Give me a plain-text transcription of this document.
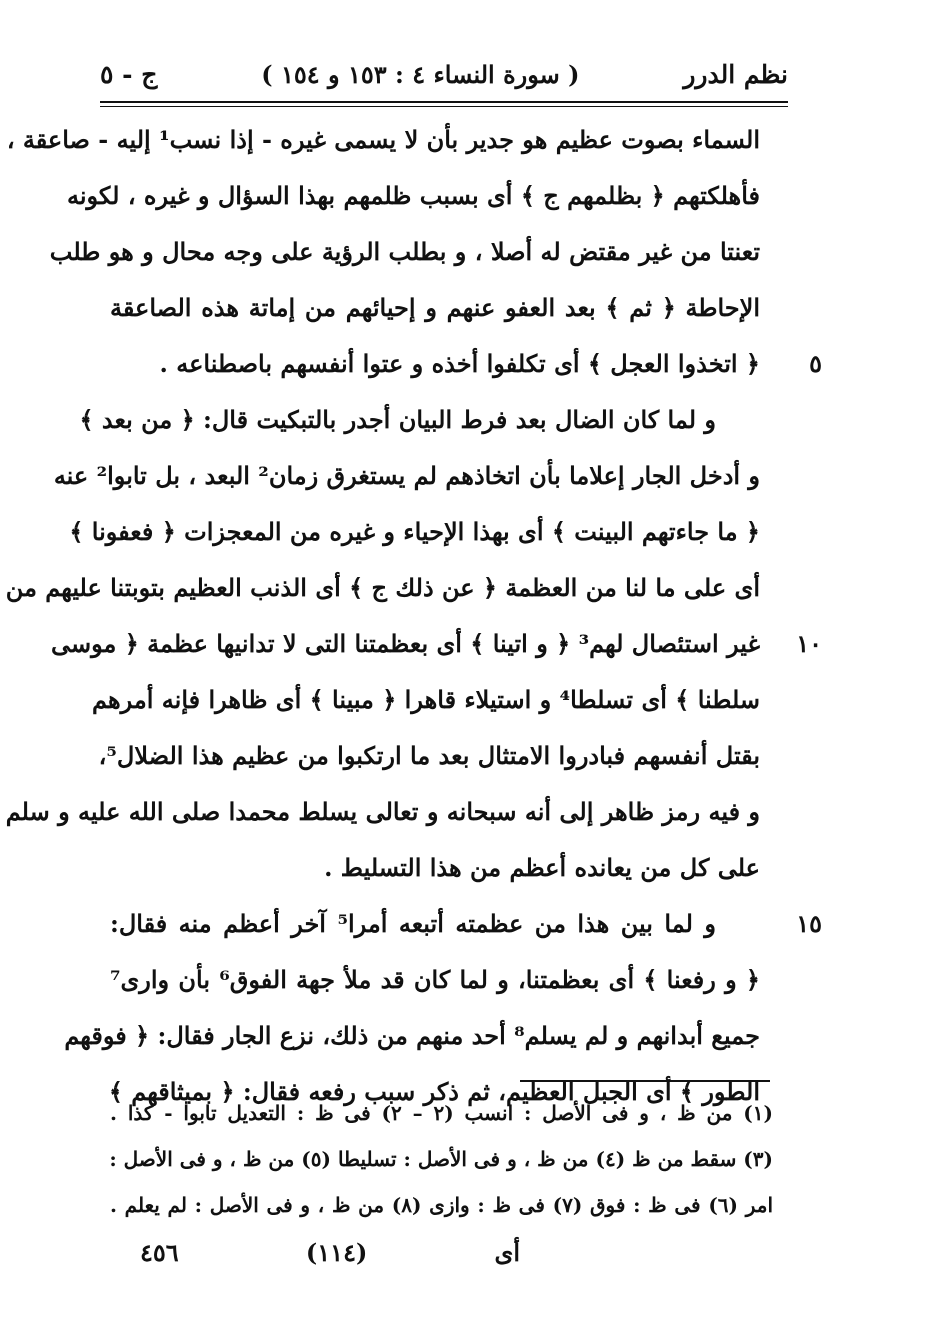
نظم الدرر
( سورة النساء ٤ : ١٥٣ و ١٥٤ )
ج - ٥
السماء بصوت عظيم هو جدير بأن لا يسمى غيره - إذا نسب¹ إليه - صاعقة ،
فأهلكتهم ﴿ بظلمهم ج ﴾ أى بسبب ظلمهم بهذا السؤال و غيره ، لكونه
تعنتا من غير مقتض له أصلا ، و بطلب الرؤية على وجه محال و هو طلب
الإحاطة ﴿ ثم ﴾ بعد العفو عنهم و إحيائهم من إماتة هذه الصاعقة
﴿ اتخذوا العجل ﴾ أى تكلفوا أخذه و عتوا أنفسهم باصطناعه .	٥
و لما كان الضال بعد فرط البيان أجدر بالتبكيت قال: ﴿ من بعد ﴾
و أدخل الجار إعلاما بأن اتخاذهم لم يستغرق زمان² البعد ، بل تابوا² عنه
﴿ ما جاءتهم البينت ﴾ أى بهذا الإحياء و غيره من المعجزات ﴿ فعفونا ﴾
أى على ما لنا من العظمة ﴿ عن ذلك ج ﴾ أى الذنب العظيم بتوبتنا عليهم من
غير استئصال لهم³ ﴿ و اتينا ﴾ أى بعظمتنا التى لا تدانيها عظمة ﴿ موسى	١٠
سلطنا ﴾ أى تسلطا⁴ و استيلاء قاهرا ﴿ مبينا ﴾ أى ظاهرا فإنه أمرهم
بقتل أنفسهم فبادروا الامتثال بعد ما ارتكبوا من عظيم هذا الضلال⁵،
و فيه رمز ظاهر إلى أنه سبحانه و تعالى يسلط محمدا صلى الله عليه و سلم
على كل من يعانده أعظم من هذا التسليط .
و لما بين هذا من عظمته أتبعه أمرا⁵ آخر أعظم منه فقال:	١٥
﴿ و رفعنا ﴾ أى بعظمتنا، و لما كان قد ملأ جهة الفوق⁶ بأن وارى⁷
جميع أبدانهم و لم يسلم⁸ أحد منهم من ذلك، نزع الجار فقال: ﴿ فوقهم
الطور ﴾ أى الجبل العظيم، ثم ذكر سبب رفعه فقال: ﴿ بميثاقهم ﴾
(١) من ظ ، و فى الأصل : انسب (٢ – ٢) فى ظ : التعديل تابوا - كذا .
(٣) سقط من ظ (٤) من ظ ، و فى الأصل : تسليطا (٥) من ظ ، و فى الأصل :
امر (٦) فى ظ : فوق (٧) فى ظ : وازى (٨) من ظ ، و فى الأصل : لم يعلم .
أى
(١١٤)
٤٥٦
